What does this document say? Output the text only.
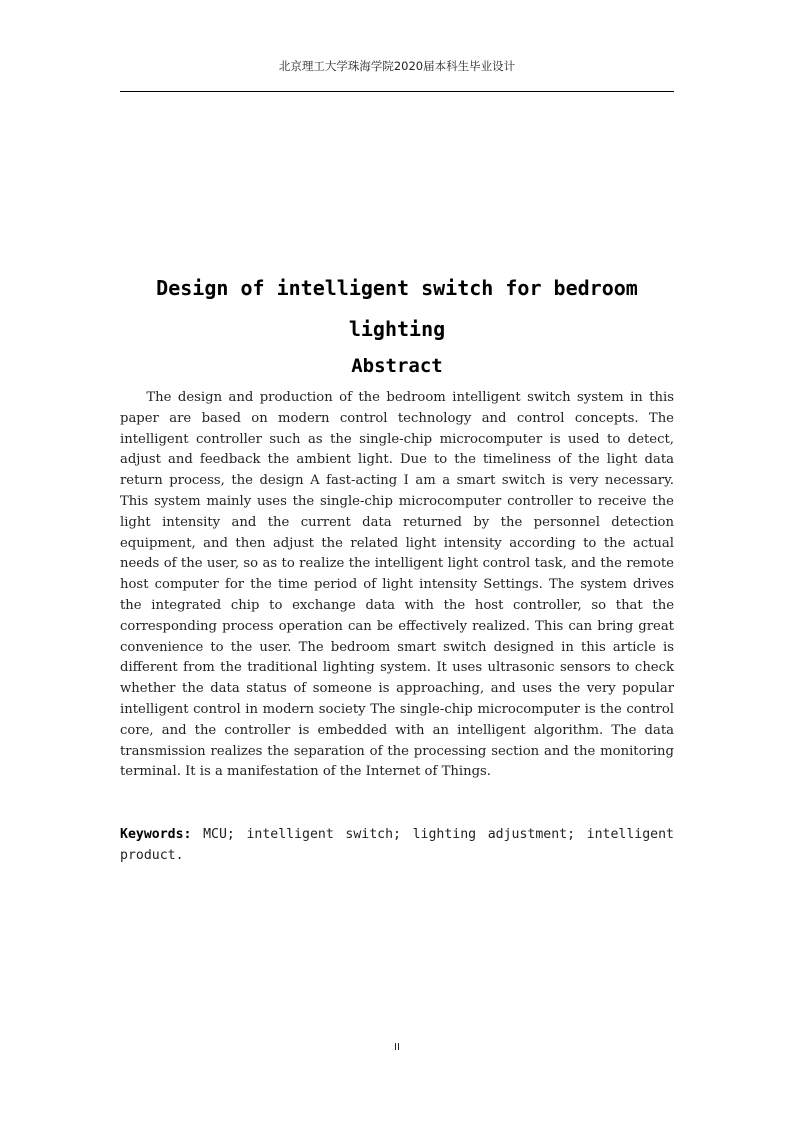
北京理工大学珠海学院2020届本科生毕业设计
Design of intelligent switch for bedroom
lighting
Abstract

The design and production of the bedroom intelligent switch system in this paper are based on modern control technology and control concepts. The intelligent controller such as the single-chip microcomputer is used to detect, adjust and feedback the ambient light. Due to the timeliness of the light data return process, the design A fast-acting I am a smart switch is very necessary. This system mainly uses the single-chip microcomputer controller to receive the light intensity and the current data returned by the personnel detection equipment, and then adjust the related light intensity according to the actual needs of the user, so as to realize the intelligent light control task, and the remote host computer for the time period of light intensity Settings. The system drives the integrated chip to exchange data with the host controller, so that the corresponding process operation can be effectively realized. This can bring great convenience to the user. The bedroom smart switch designed in this article is different from the traditional lighting system. It uses ultrasonic sensors to check whether the data status of someone is approaching, and uses the very popular intelligent control in modern society The single-chip microcomputer is the control core, and the controller is embedded with an intelligent algorithm. The data transmission realizes the separation of the processing section and the monitoring terminal. It is a manifestation of the Internet of Things.

Keywords: MCU; intelligent switch; lighting adjustment; intelligent product.

II
